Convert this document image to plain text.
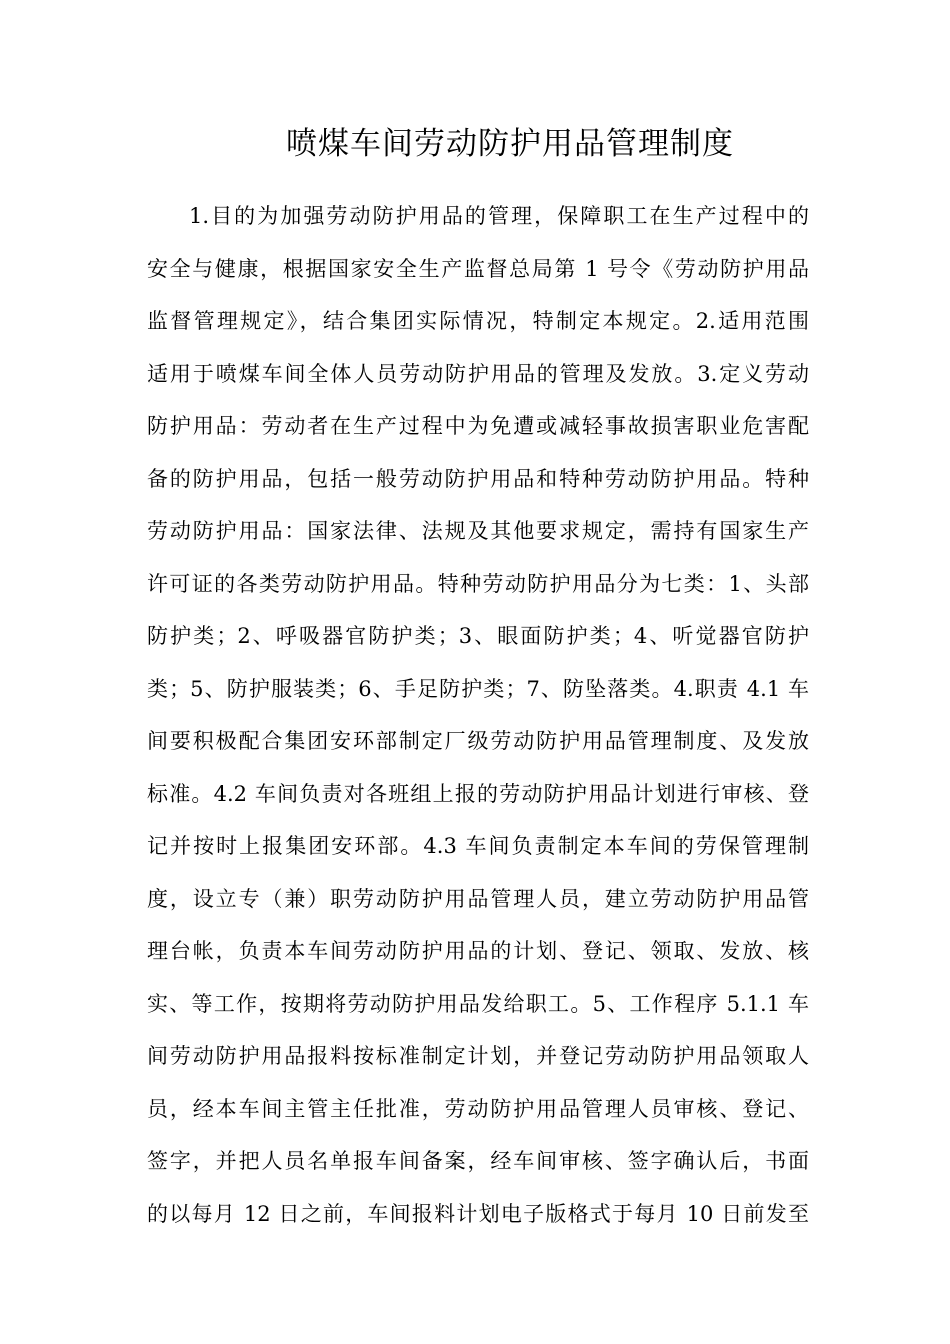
喷煤车间劳动防护用品管理制度
1.目的为加强劳动防护用品的管理，保障职工在生产过程中的
安全与健康，根据国家安全生产监督总局第 1 号令《劳动防护用品
监督管理规定》，结合集团实际情况，特制定本规定。2.适用范围
适用于喷煤车间全体人员劳动防护用品的管理及发放。3.定义劳动
防护用品：劳动者在生产过程中为免遭或减轻事故损害职业危害配
备的防护用品，包括一般劳动防护用品和特种劳动防护用品。特种
劳动防护用品：国家法律、法规及其他要求规定，需持有国家生产
许可证的各类劳动防护用品。特种劳动防护用品分为七类：1、头部
防护类；2、呼吸器官防护类；3、眼面防护类；4、听觉器官防护
类；5、防护服装类；6、手足防护类；7、防坠落类。4.职责 4.1 车
间要积极配合集团安环部制定厂级劳动防护用品管理制度、及发放
标准。4.2 车间负责对各班组上报的劳动防护用品计划进行审核、登
记并按时上报集团安环部。4.3 车间负责制定本车间的劳保管理制
度，设立专（兼）职劳动防护用品管理人员，建立劳动防护用品管
理台帐，负责本车间劳动防护用品的计划、登记、领取、发放、核
实、等工作，按期将劳动防护用品发给职工。5、工作程序 5.1.1 车
间劳动防护用品报料按标准制定计划，并登记劳动防护用品领取人
员，经本车间主管主任批准，劳动防护用品管理人员审核、登记、
签字，并把人员名单报车间备案，经车间审核、签字确认后，书面
的以每月 12 日之前，车间报料计划电子版格式于每月 10 日前发至
